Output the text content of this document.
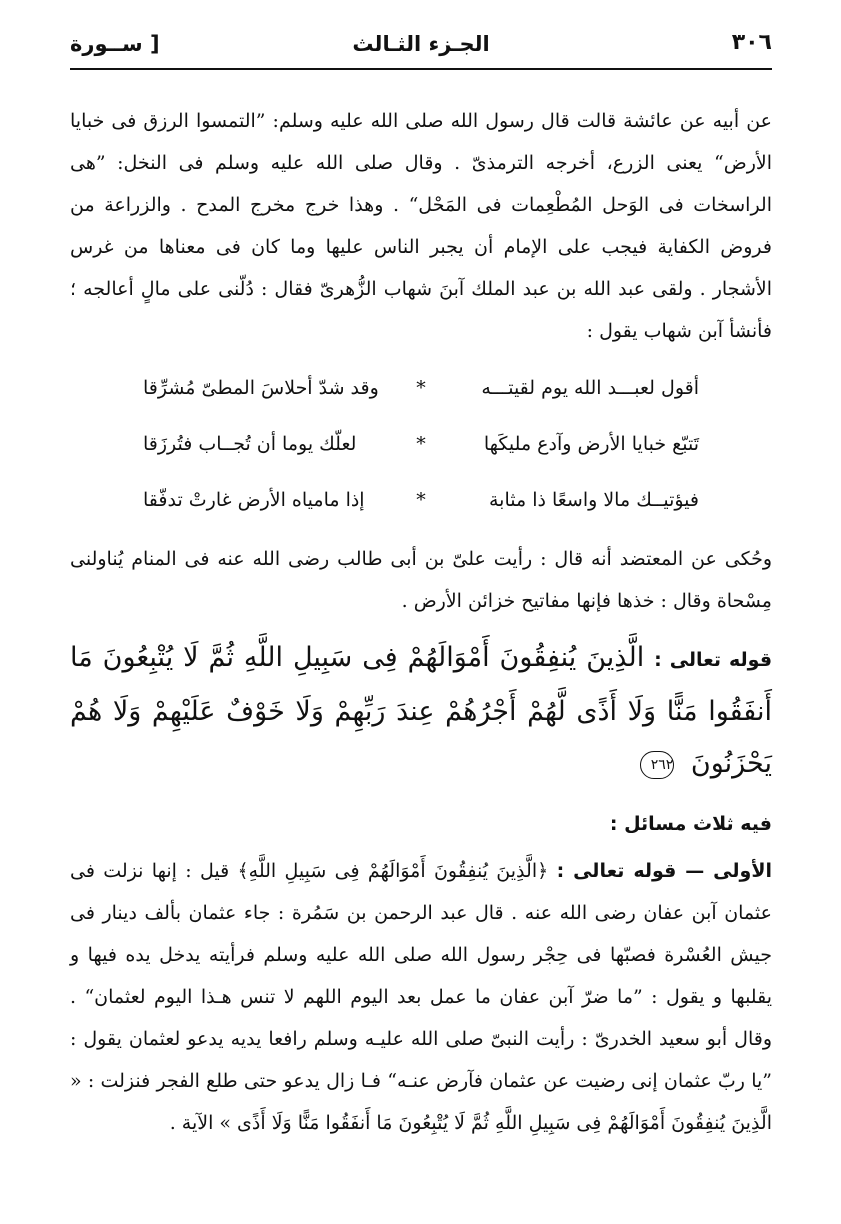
٣٠٦
الجـزء الثـالث
[ ســورة

عن أبيه عن عائشة قالت قال رسول الله صلى الله عليه وسلم: ”التمسوا الرزق فى خبايا الأرض“ يعنى الزرع، أخرجه الترمذىّ . وقال صلى الله عليه وسلم فى النخل: ”هى الراسخات فى الوَحل المُطْعِمات فى المَحْل“ . وهذا خرج مخرج المدح . والزراعة من فروض الكفاية فيجب على الإمام أن يجبر الناس عليها وما كان فى معناها من غرس الأشجار . ولقى عبد الله بن عبد الملك آبنَ شهاب الزُّهرىّ فقال : دُلّنى على مالٍ أعالجه ؛ فأنشأ آبن شهاب يقول :

أقول لعبـــد الله يوم لقيتـــه
*
وقد شدّ أحلاسَ المطىّ مُشرِّقا
تَتبّع خبايا الأرض وآدع مليكَها
*
لعلّك يوما أن تُجــاب فتُرزَقا
فيؤتيــك مالا واسعًا ذا مثابة
*
إذا مامياه الأرض غارتْ تدفّقا

وحُكى عن المعتضد أنه قال : رأيت علىّ بن أبى طالب رضى الله عنه فى المنام يُناولنى مِسْحاة وقال : خذها فإنها مفاتيح خزائن الأرض .

قوله تعالى : الَّذِينَ يُنفِقُونَ أَمْوَالَهُمْ فِى سَبِيلِ اللَّهِ ثُمَّ لَا يُتْبِعُونَ مَا أَنفَقُوا مَنًّا وَلَا أَذًى لَّهُمْ أَجْرُهُمْ عِندَ رَبِّهِمْ وَلَا خَوْفٌ عَلَيْهِمْ وَلَا هُمْ يَحْزَنُونَ ٢٦٢
فيه ثلاث مسائل :
الأولى — قوله تعالى : ﴿الَّذِينَ يُنفِقُونَ أَمْوَالَهُمْ فِى سَبِيلِ اللَّهِ﴾ قيل : إنها نزلت فى عثمان آبن عفان رضى الله عنه . قال عبد الرحمن بن سَمُرة : جاء عثمان بألف دينار فى جيش العُسْرة فصبّها فى حِجْر رسول الله صلى الله عليه وسلم فرأيته يدخل يده فيها و يقلبها و يقول : ”ما ضرّ آبن عفان ما عمل بعد اليوم اللهم لا تنس هـذا اليوم لعثمان“ . وقال أبو سعيد الخدرىّ : رأيت النبىّ صلى الله عليـه وسلم رافعا يديه يدعو لعثمان يقول : ”يا ربّ عثمان إنى رضيت عن عثمان فآرض عنـه“ فـا زال يدعو حتى طلع الفجر فنزلت : « الَّذِينَ يُنفِقُونَ أَمْوَالَهُمْ فِى سَبِيلِ اللَّهِ ثُمَّ لَا يُتْبِعُونَ مَا أَنفَقُوا مَنًّا وَلَا أَذًى » الآية .
